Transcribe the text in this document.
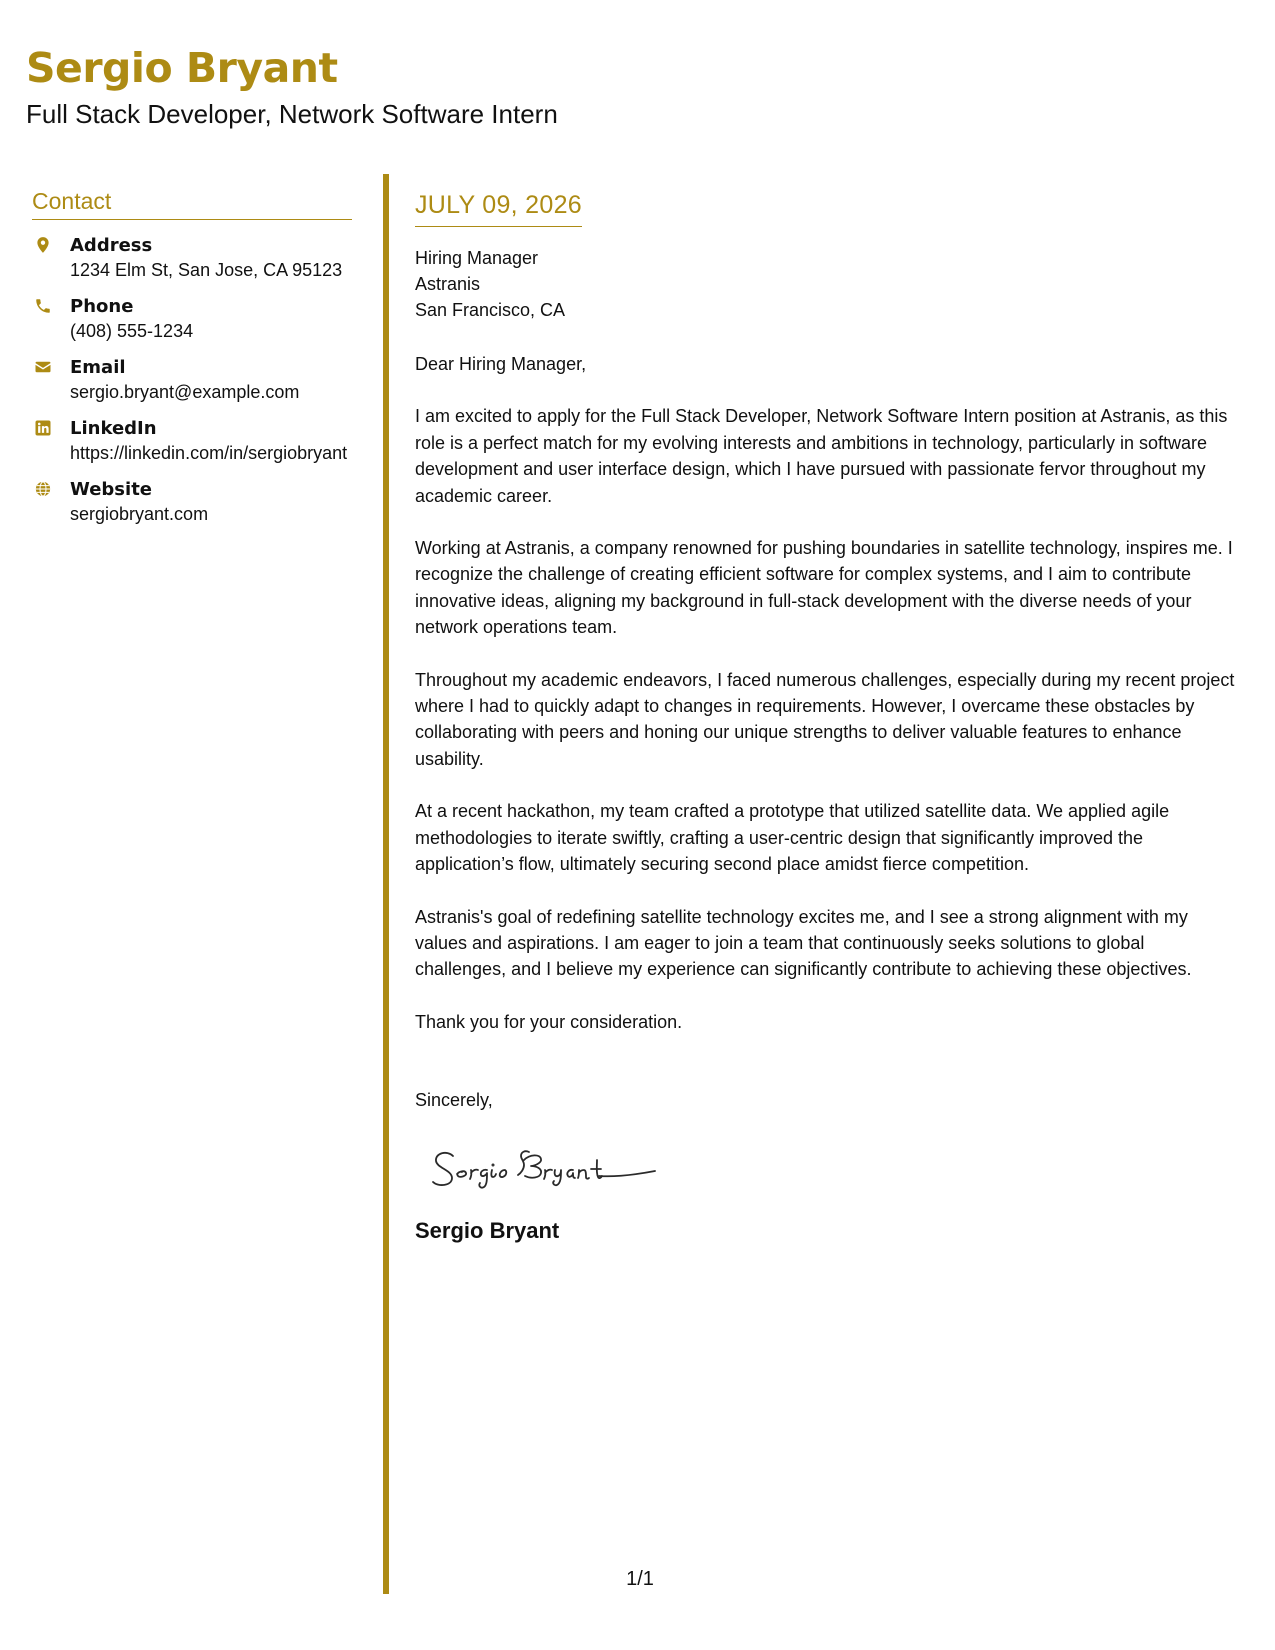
Sergio Bryant
Full Stack Developer, Network Software Intern
Contact
Address
1234 Elm St, San Jose, CA 95123
Phone
(408) 555-1234
Email
sergio.bryant@example.com
LinkedIn
https://linkedin.com/in/sergiobryant
Website
sergiobryant.com
JULY 09, 2026
Hiring Manager
Astranis
San Francisco, CA
Dear Hiring Manager,

I am excited to apply for the Full Stack Developer, Network Software Intern position at Astranis, as this role is a perfect match for my evolving interests and ambitions in technology, particularly in software development and user interface design, which I have pursued with passionate fervor throughout my academic career.

Working at Astranis, a company renowned for pushing boundaries in satellite technology, inspires me. I recognize the challenge of creating efficient software for complex systems, and I aim to contribute innovative ideas, aligning my background in full-stack development with the diverse needs of your network operations team.

Throughout my academic endeavors, I faced numerous challenges, especially during my recent project where I had to quickly adapt to changes in requirements. However, I overcame these obstacles by collaborating with peers and honing our unique strengths to deliver valuable features to enhance usability.

At a recent hackathon, my team crafted a prototype that utilized satellite data. We applied agile methodologies to iterate swiftly, crafting a user-centric design that significantly improved the application’s flow, ultimately securing second place amidst fierce competition.

Astranis's goal of redefining satellite technology excites me, and I see a strong alignment with my values and aspirations. I am eager to join a team that continuously seeks solutions to global challenges, and I believe my experience can significantly contribute to achieving these objectives.

Thank you for your consideration.

Sincerely,
Sergio Bryant
1/1
